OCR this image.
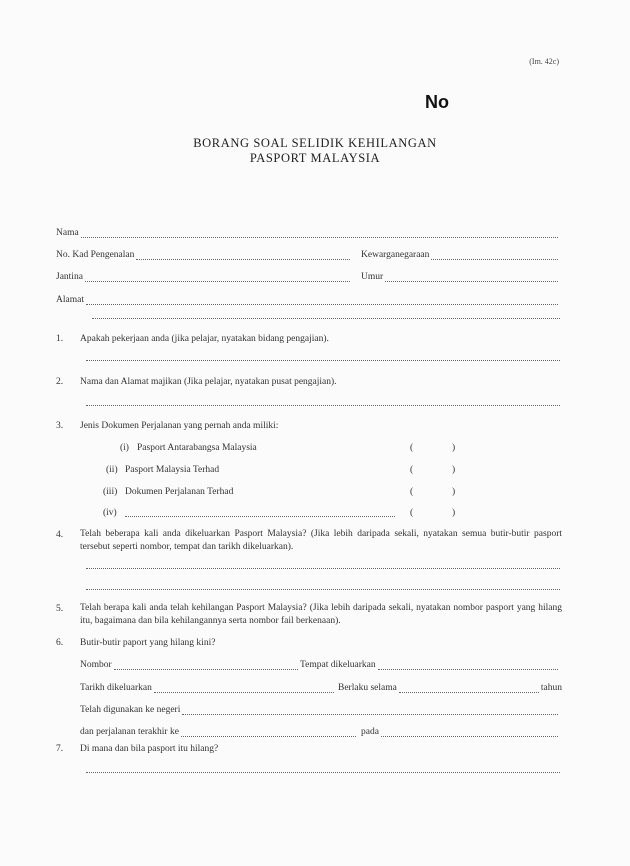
(Im. 42c)
No
BORANG SOAL SELIDIK KEHILANGAN
PASPORT MALAYSIA
Nama
No. Kad Pengenalan	Kewarganegaraan
Jantina	Umur
Alamat
1. Apakah pekerjaan anda (jika pelajar, nyatakan bidang pengajian).
2. Nama dan Alamat majikan (Jika pelajar, nyatakan pusat pengajian).
3. Jenis Dokumen Perjalanan yang pernah anda miliki:
(i) Pasport Antarabangsa Malaysia	(	)
(ii) Pasport Malaysia Terhad	(	)
(iii) Dokumen Perjalanan Terhad	(	)
(iv)	(	)
4. Telah beberapa kali anda dikeluarkan Pasport Malaysia? (Jika lebih daripada sekali, nyatakan semua butir-butir pasport tersebut seperti nombor, tempat dan tarikh dikeluarkan).
5. Telah berapa kali anda telah kehilangan Pasport Malaysia? (Jika lebih daripada sekali, nyatakan nombor pasport yang hilang itu, bagaimana dan bila kehilangannya serta nombor fail berkenaan).
6. Butir-butir paport yang hilang kini?
Nombor	Tempat dikeluarkan
Tarikh dikeluarkan	Berlaku selama	tahun
Telah digunakan ke negeri
dan perjalanan terakhir ke	pada
7. Di mana dan bila pasport itu hilang?
